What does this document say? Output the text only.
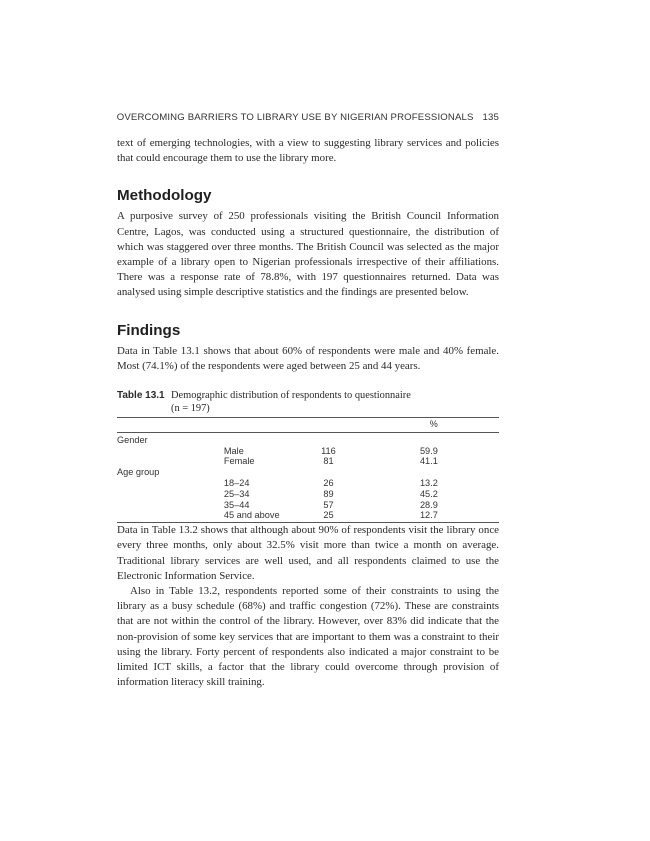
OVERCOMING BARRIERS TO LIBRARY USE BY NIGERIAN PROFESSIONALS 135

text of emerging technologies, with a view to suggesting library services and policies that could encourage them to use the library more.

Methodology

A purposive survey of 250 professionals visiting the British Council Information Centre, Lagos, was conducted using a structured questionnaire, the distribution of which was staggered over three months. The British Council was selected as the major example of a library open to Nigerian professionals irrespective of their affiliations. There was a response rate of 78.8%, with 197 questionnaires returned. Data was analysed using simple descriptive statistics and the findings are presented below.

Findings

Data in Table 13.1 shows that about 60% of respondents were male and 40% female. Most (74.1%) of the respondents were aged between 25 and 44 years.

Table 13.1 Demographic distribution of respondents to questionnaire
(n = 197)
			%	
Gender				
	Male	116	59.9	
	Female	81	41.1	
Age group				
	18–24	26	13.2	
	25–34	89	45.2	
	35–44	57	28.9	
	45 and above	25	12.7	

Data in Table 13.2 shows that although about 90% of respondents visit the library once every three months, only about 32.5% visit more than twice a month on average. Traditional library services are well used, and all respondents claimed to use the Electronic Information Service.

Also in Table 13.2, respondents reported some of their constraints to using the library as a busy schedule (68%) and traffic congestion (72%). These are constraints that are not within the control of the library. However, over 83% did indicate that the non-provision of some key services that are important to them was a constraint to their using the library. Forty percent of respondents also indicated a major constraint to be limited ICT skills, a factor that the library could overcome through provision of information literacy skill training.
